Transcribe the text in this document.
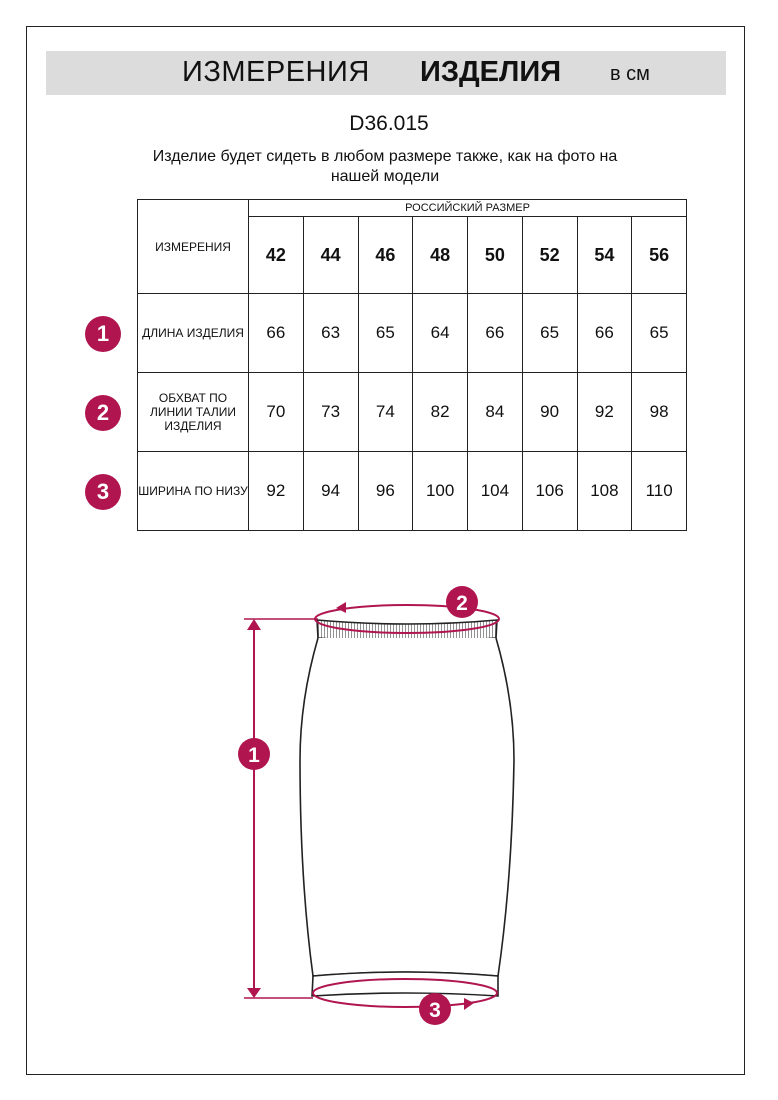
ИЗМЕРЕНИЯ ИЗДЕЛИЯ в см
D36.015
Изделие будет сидеть в любом размере также, как на фото на нашей модели
ИЗМЕРЕНИЯ	РОССИЙСКИЙ РАЗМЕР							
	42	44	46	48	50	52	54	56
ДЛИНА ИЗДЕЛИЯ	66	63	65	64	66	65	66	65
ОБХВАТ ПО ЛИНИИ ТАЛИИ ИЗДЕЛИЯ	70	73	74	82	84	90	92	98
ШИРИНА ПО НИЗУ	92	94	96	100	104	106	108	110
1
2
3
1
2
3
